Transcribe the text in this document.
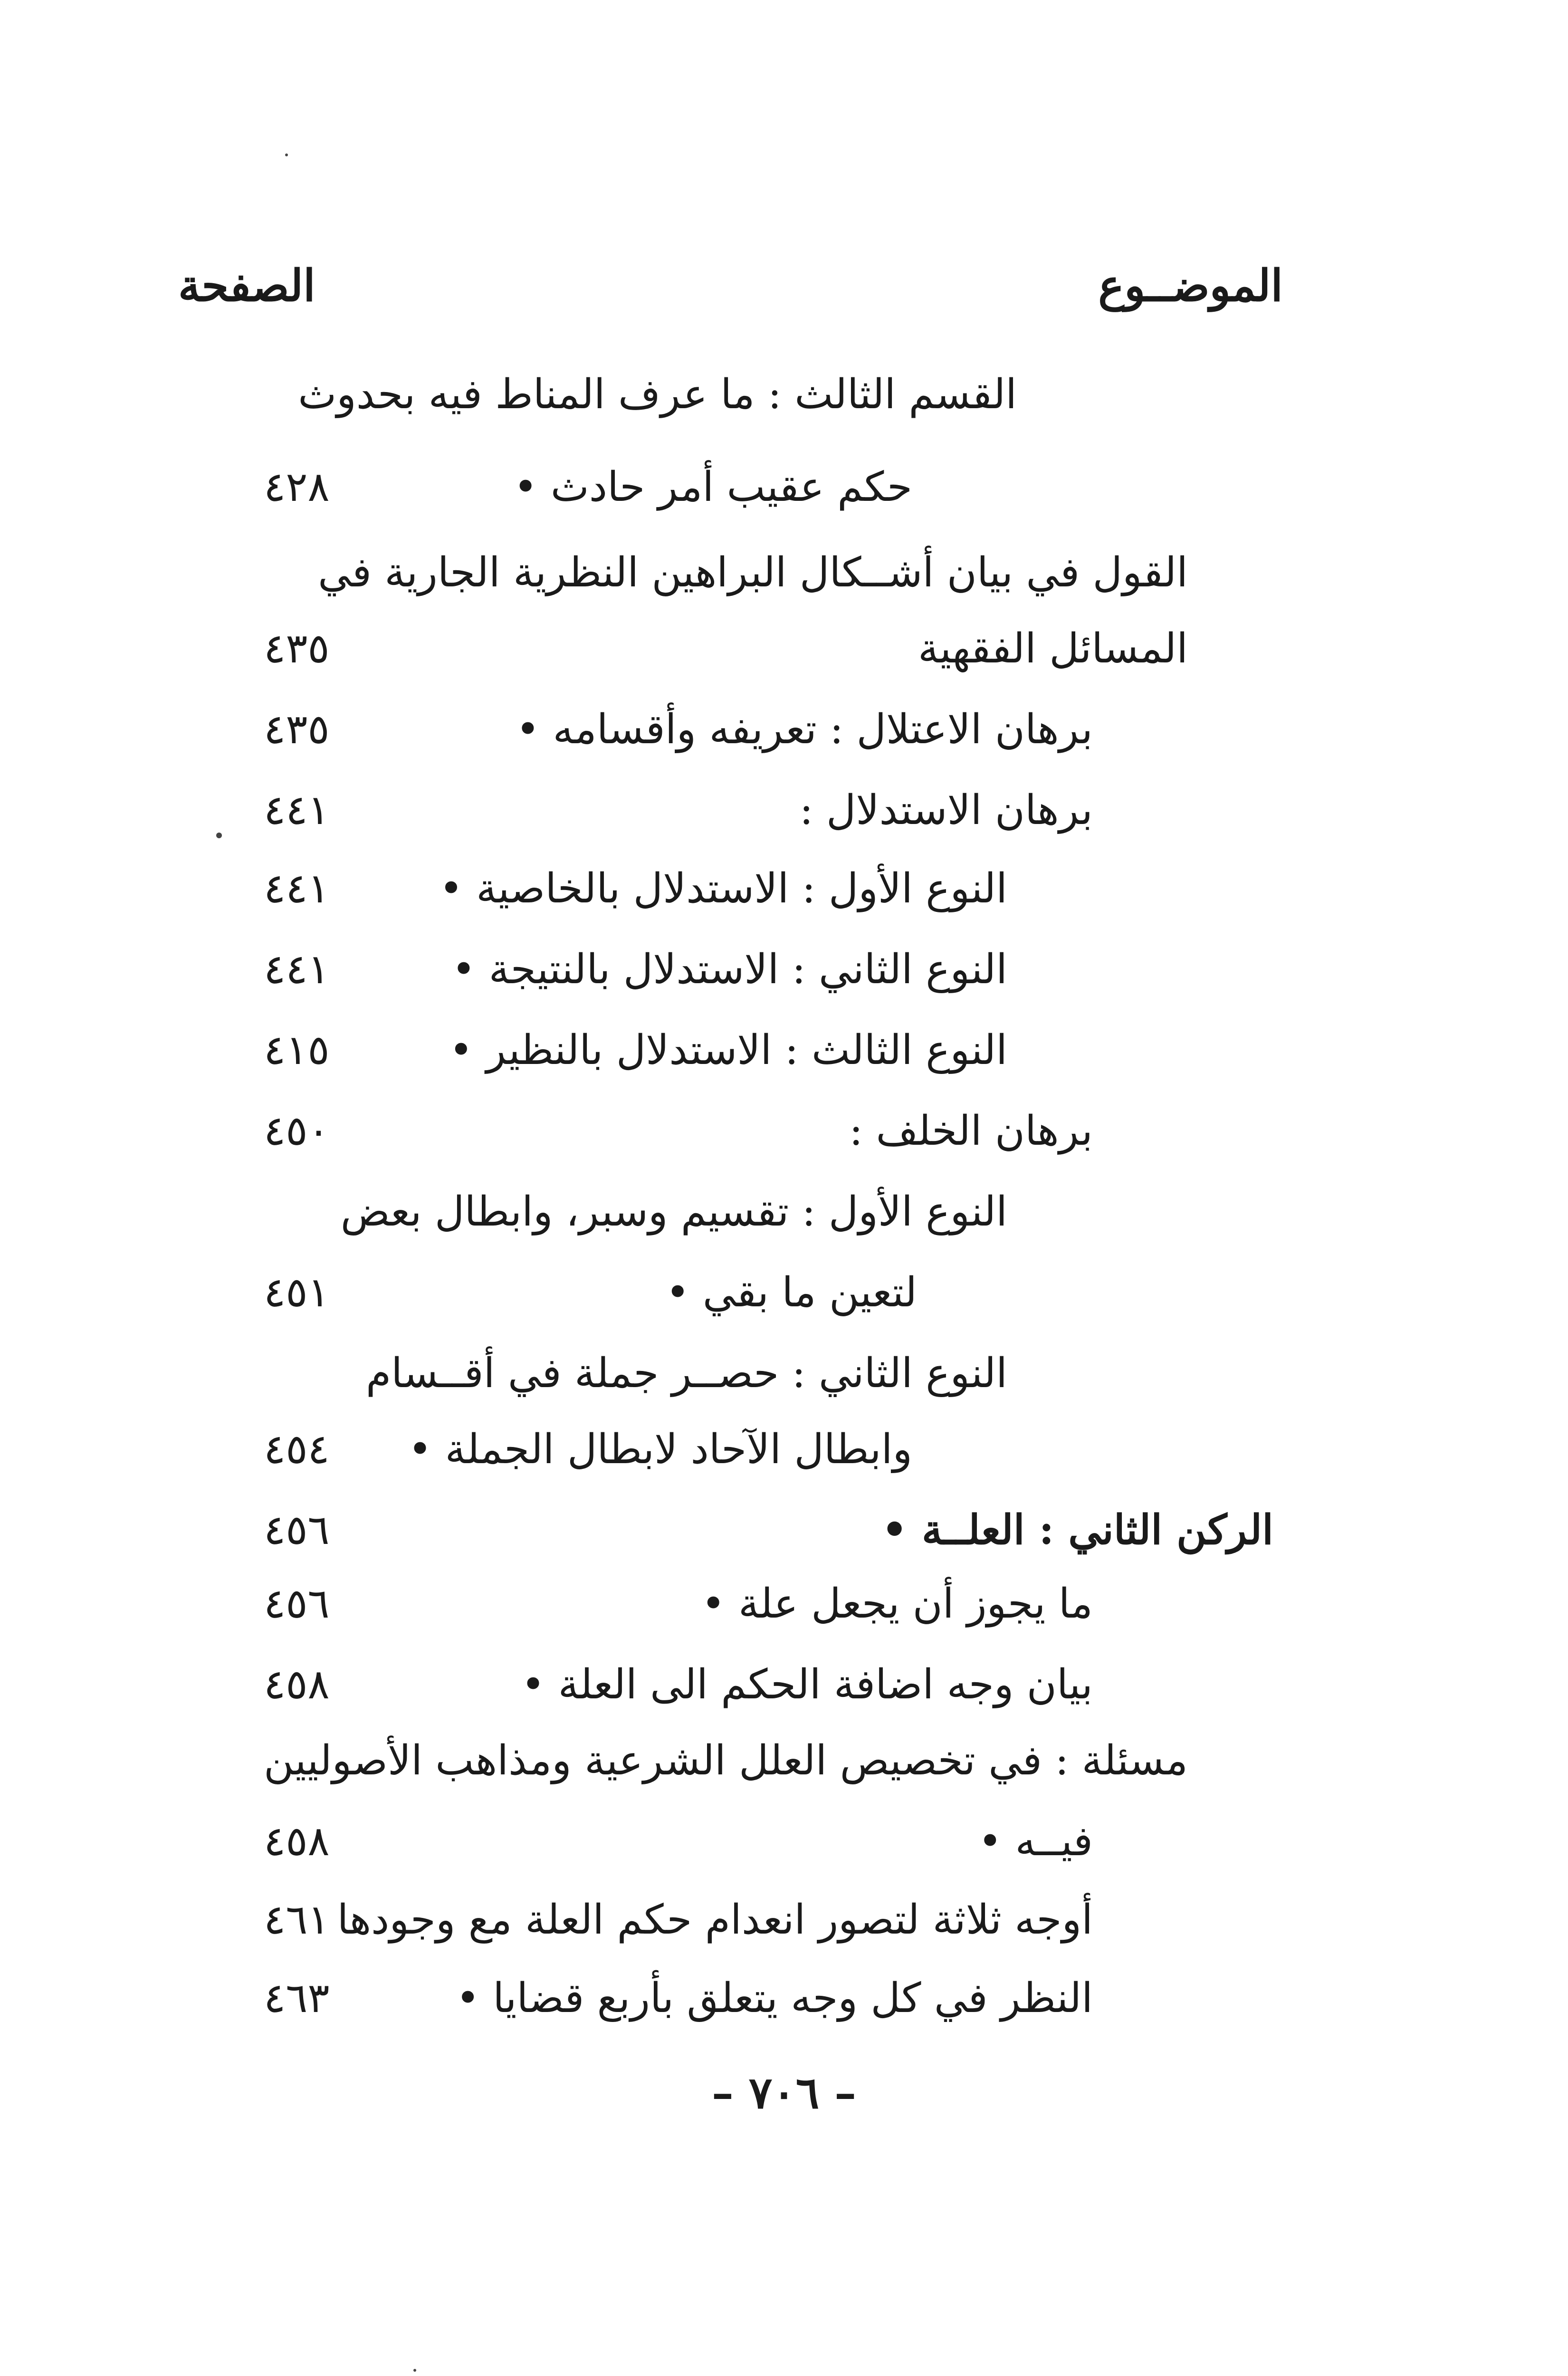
الموضــوع
الصفحة
القسم الثالث : ما عرف المناط فيه بحدوث
حكم عقيب أمر حادث •
٤٢٨
القول في بيان أشــكال البراهين النظرية الجارية في
المسائل الفقهية
٤٣٥
برهان الاعتلال : تعريفه وأقسامه •
٤٣٥
برهان الاستدلال :
٤٤١
النوع الأول : الاستدلال بالخاصية •
٤٤١
النوع الثاني : الاستدلال بالنتيجة •
٤٤١
النوع الثالث : الاستدلال بالنظير •
٤١٥
برهان الخلف :
٤٥٠
النوع الأول : تقسيم وسبر، وابطال بعض
لتعين ما بقي •
٤٥١
النوع الثاني : حصــر جملة في أقــسام
وابطال الآحاد لابطال الجملة •
٤٥٤
الركن الثاني : العلــة •
٤٥٦
ما يجوز أن يجعل علة •
٤٥٦
بيان وجه اضافة الحكم الى العلة •
٤٥٨
مسئلة : في تخصيص العلل الشرعية ومذاهب الأصوليين
فيــه •
٤٥٨
أوجه ثلاثة لتصور انعدام حكم العلة مع وجودها
٤٦١
النظر في كل وجه يتعلق بأربع قضايا •
٤٦٣
– ٧٠٦ –
